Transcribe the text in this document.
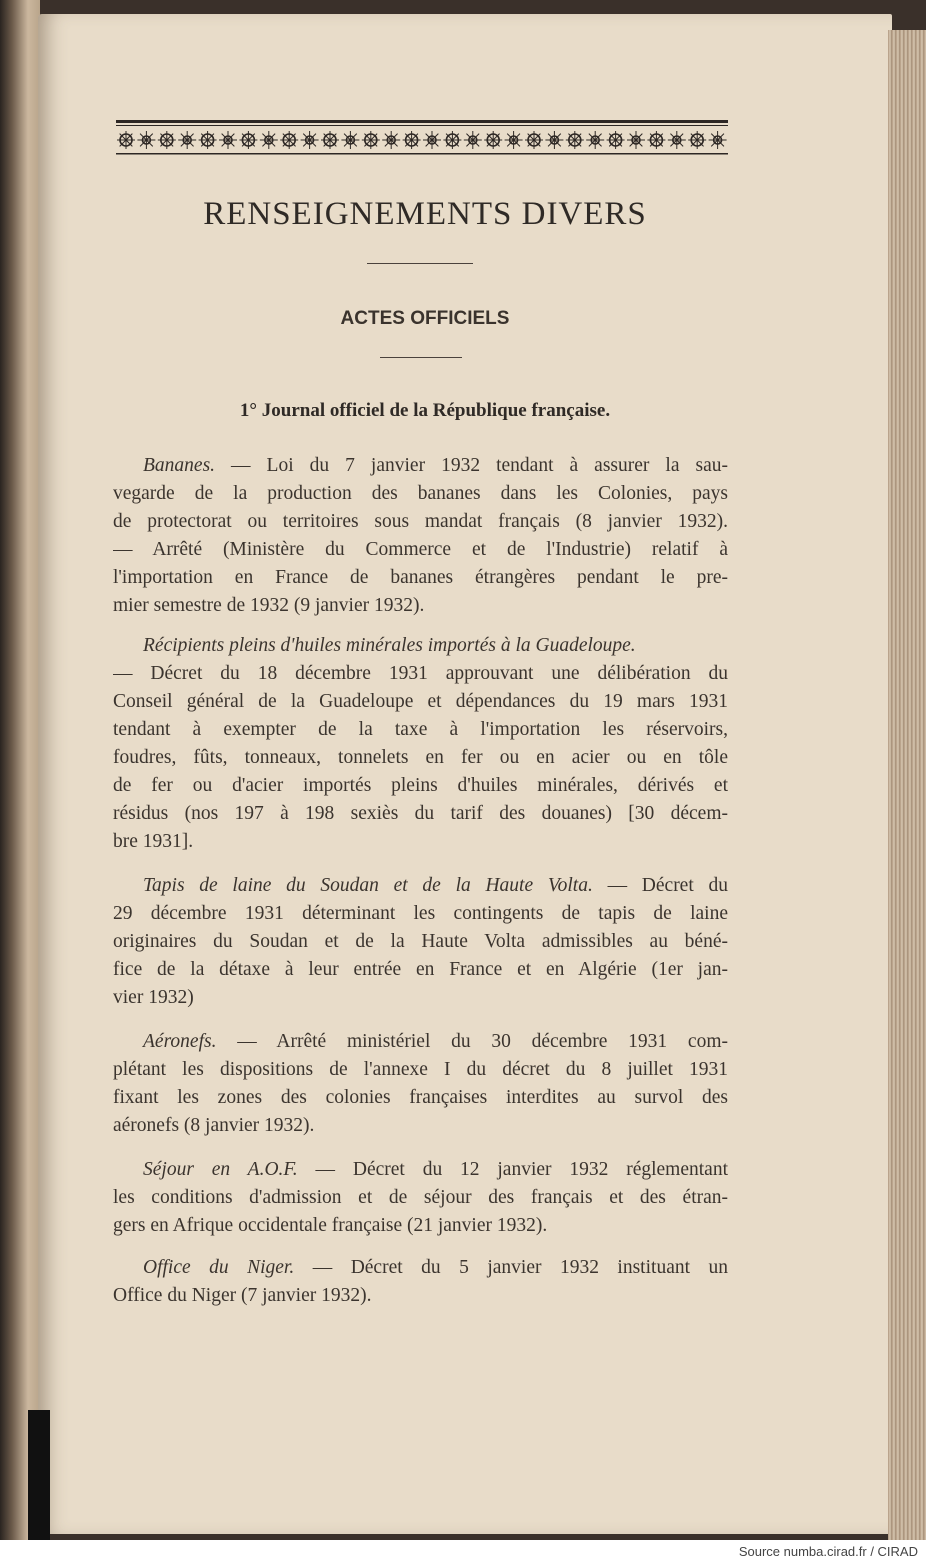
RENSEIGNEMENTS DIVERS
ACTES OFFICIELS
1° Journal officiel de la République française.
Bananes. — Loi du 7 janvier 1932 tendant à assurer la sau-
vegarde de la production des bananes dans les Colonies, pays
de protectorat ou territoires sous mandat français (8 janvier 1932).
— Arrêté (Ministère du Commerce et de l'Industrie) relatif à
l'importation en France de bananes étrangères pendant le pre-
mier semestre de 1932 (9 janvier 1932).
Récipients pleins d'huiles minérales importés à la Guadeloupe.
— Décret du 18 décembre 1931 approuvant une délibération du
Conseil général de la Guadeloupe et dépendances du 19 mars 1931
tendant à exempter de la taxe à l'importation les réservoirs,
foudres, fûts, tonneaux, tonnelets en fer ou en acier ou en tôle
de fer ou d'acier importés pleins d'huiles minérales, dérivés et
résidus (nos 197 à 198 sexiès du tarif des douanes) [30 décem-
bre 1931].
Tapis de laine du Soudan et de la Haute Volta. — Décret du
29 décembre 1931 déterminant les contingents de tapis de laine
originaires du Soudan et de la Haute Volta admissibles au béné-
fice de la détaxe à leur entrée en France et en Algérie (1er jan-
vier 1932)
Aéronefs. — Arrêté ministériel du 30 décembre 1931 com-
plétant les dispositions de l'annexe I du décret du 8 juillet 1931
fixant les zones des colonies françaises interdites au survol des
aéronefs (8 janvier 1932).
Séjour en A.O.F. — Décret du 12 janvier 1932 réglementant
les conditions d'admission et de séjour des français et des étran-
gers en Afrique occidentale française (21 janvier 1932).
Office du Niger. — Décret du 5 janvier 1932 instituant un
Office du Niger (7 janvier 1932).
Source numba.cirad.fr / CIRAD
